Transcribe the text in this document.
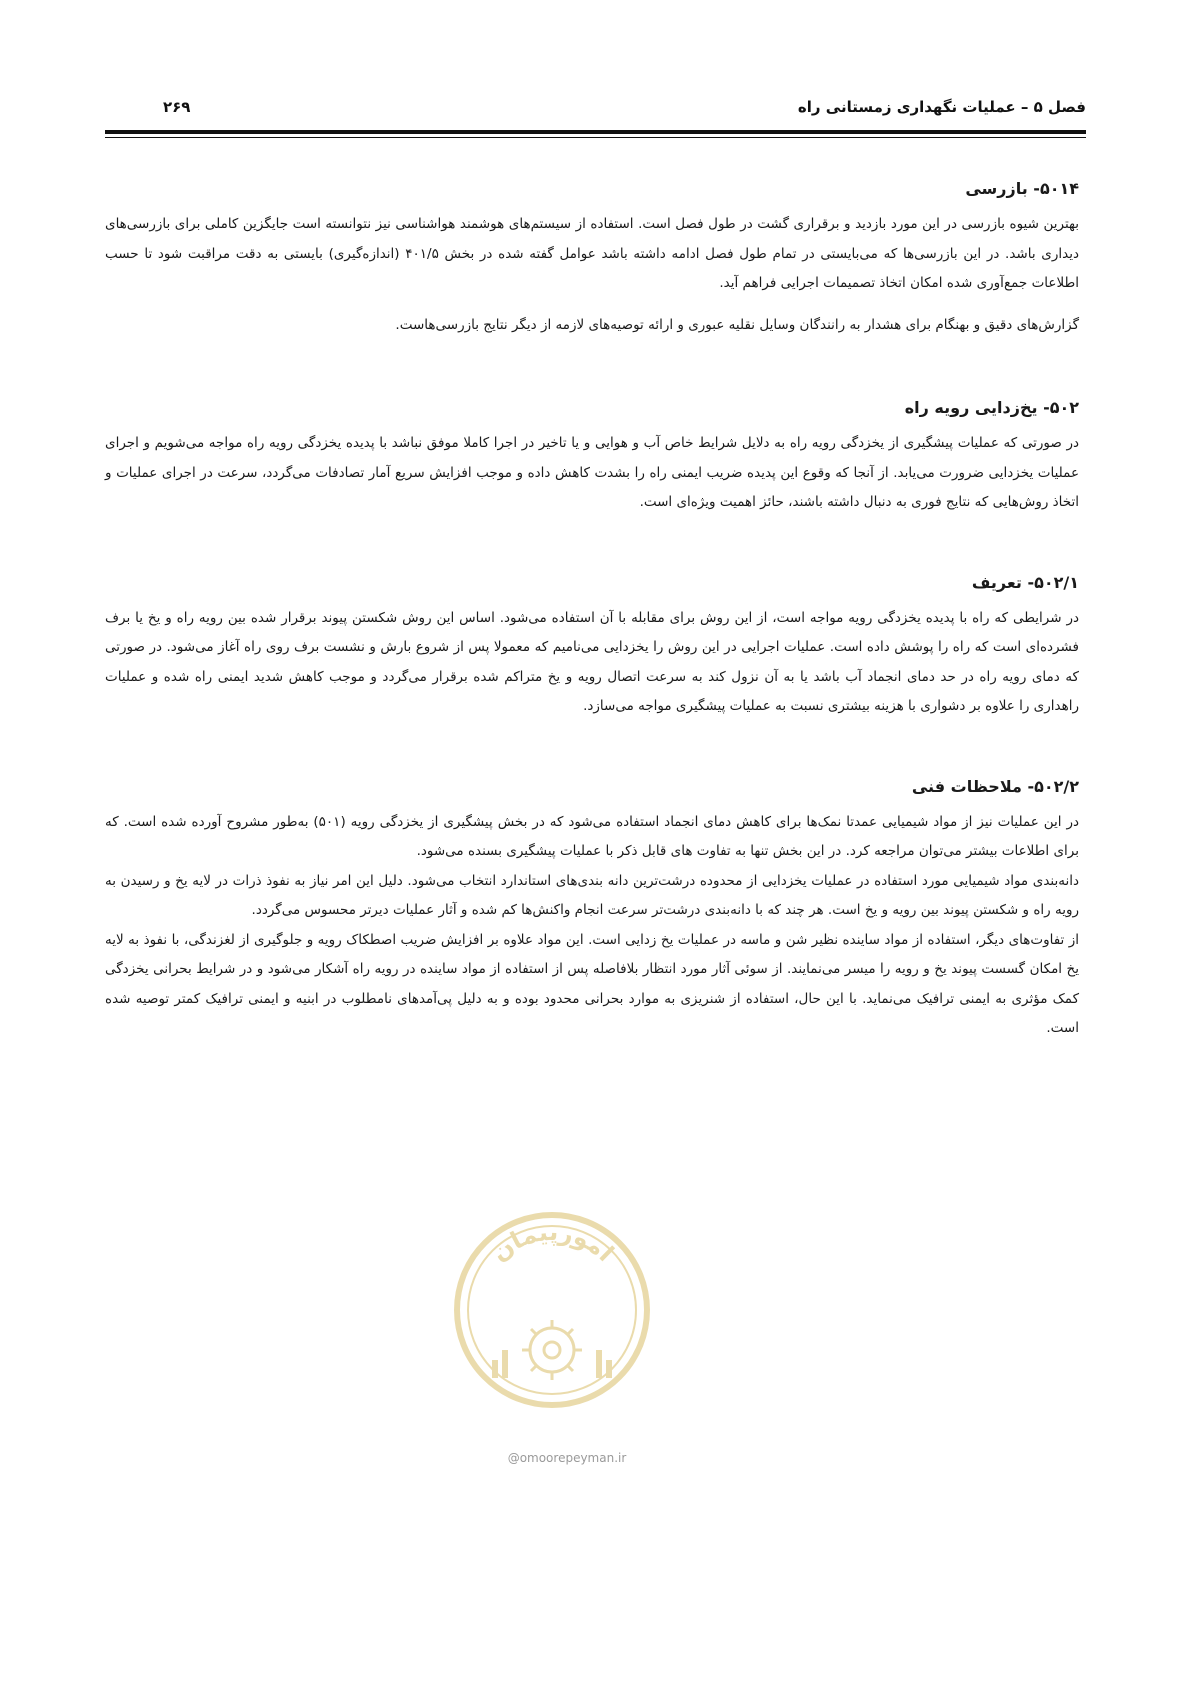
فصل ۵ – عملیات نگهداری زمستانی راه
۲۶۹
۵۰۱۴- بازرسی

بهترین شیوه بازرسی در این مورد بازدید و برقراری گشت در طول فصل است. استفاده از سیستم‌های هوشمند هواشناسی نیز نتوانسته است جایگزین کاملی برای بازرسی‌های دیداری باشد. در این بازرسی‌ها که می‌بایستی در تمام طول فصل ادامه داشته باشد عوامل گفته شده در بخش ۴۰۱/۵ (اندازه‌گیری) بایستی به دقت مراقبت شود تا حسب اطلاعات جمع‌آوری شده امکان اتخاذ تصمیمات اجرایی فراهم آید.

گزارش‌های دقیق و بهنگام برای هشدار به رانندگان وسایل نقلیه عبوری و ارائه توصیه‌های لازمه از دیگر نتایج بازرسی‌هاست.

۵۰۲- یخ‌زدایی رویه راه

در صورتی که عملیات پیشگیری از یخزدگی رویه راه به دلایل شرایط خاص آب و هوایی و یا تاخیر در اجرا کاملا موفق نباشد با پدیده یخزدگی رویه راه مواجه می‌شویم و اجرای عملیات یخزدایی ضرورت می‌یابد. از آنجا که وقوع این پدیده ضریب ایمنی راه را بشدت کاهش داده و موجب افزایش سریع آمار تصادفات می‌گردد، سرعت در اجرای عملیات و اتخاذ روش‌هایی که نتایج فوری به دنبال داشته باشند، حائز اهمیت ویژه‌ای است.

۵۰۲/۱- تعریف

در شرایطی که راه با پدیده یخزدگی رویه مواجه است، از این روش برای مقابله با آن استفاده می‌شود. اساس این روش شکستن پیوند برقرار شده بین رویه راه و یخ یا برف فشرده‌ای است که راه را پوشش داده است. عملیات اجرایی در این روش را یخزدایی می‌نامیم که معمولا پس از شروع بارش و نشست برف روی راه آغاز می‌شود. در صورتی که دمای رویه راه در حد دمای انجماد آب باشد یا به آن نزول کند به سرعت اتصال رویه و یخ متراکم شده برقرار می‌گردد و موجب کاهش شدید ایمنی راه شده و عملیات راهداری را علاوه بر دشواری با هزینه بیشتری نسبت به عملیات پیشگیری مواجه می‌سازد.

۵۰۲/۲- ملاحظات فنی

در این عملیات نیز از مواد شیمیایی عمدتا نمک‌ها برای کاهش دمای انجماد استفاده می‌شود که در بخش پیشگیری از یخزدگی رویه (۵۰۱) به‌طور مشروح آورده شده است. که برای اطلاعات بیشتر می‌توان مراجعه کرد. در این بخش تنها به تفاوت های قابل ذکر با عملیات پیشگیری بسنده می‌شود.

دانه‌بندی مواد شیمیایی مورد استفاده در عملیات یخزدایی از محدوده درشت‌ترین دانه بندی‌های استاندارد انتخاب می‌شود. دلیل این امر نیاز به نفوذ ذرات در لایه یخ و رسیدن به رویه راه و شکستن پیوند بین رویه و یخ است. هر چند که با دانه‌بندی درشت‌تر سرعت انجام واکنش‌ها کم شده و آثار عملیات دیرتر محسوس می‌گردد.

از تفاوت‌های دیگر، استفاده از مواد ساینده نظیر شن و ماسه در عملیات یخ زدایی است. این مواد علاوه بر افزایش ضریب اصطکاک رویه و جلوگیری از لغزندگی، با نفوذ به لایه یخ امکان گسست پیوند یخ و رویه را میسر می‌نمایند. از سوئی آثار مورد انتظار بلافاصله پس از استفاده از مواد ساینده در رویه راه آشکار می‌شود و در شرایط بحرانی یخزدگی کمک مؤثری به ایمنی ترافیک می‌نماید. با این حال، استفاده از شنریزی به موارد بحرانی محدود بوده و به دلیل پی‌آمدهای نامطلوب در ابنیه و ایمنی ترافیک کمتر توصیه شده است.

امورپیمان
@omoorepeyman.ir
